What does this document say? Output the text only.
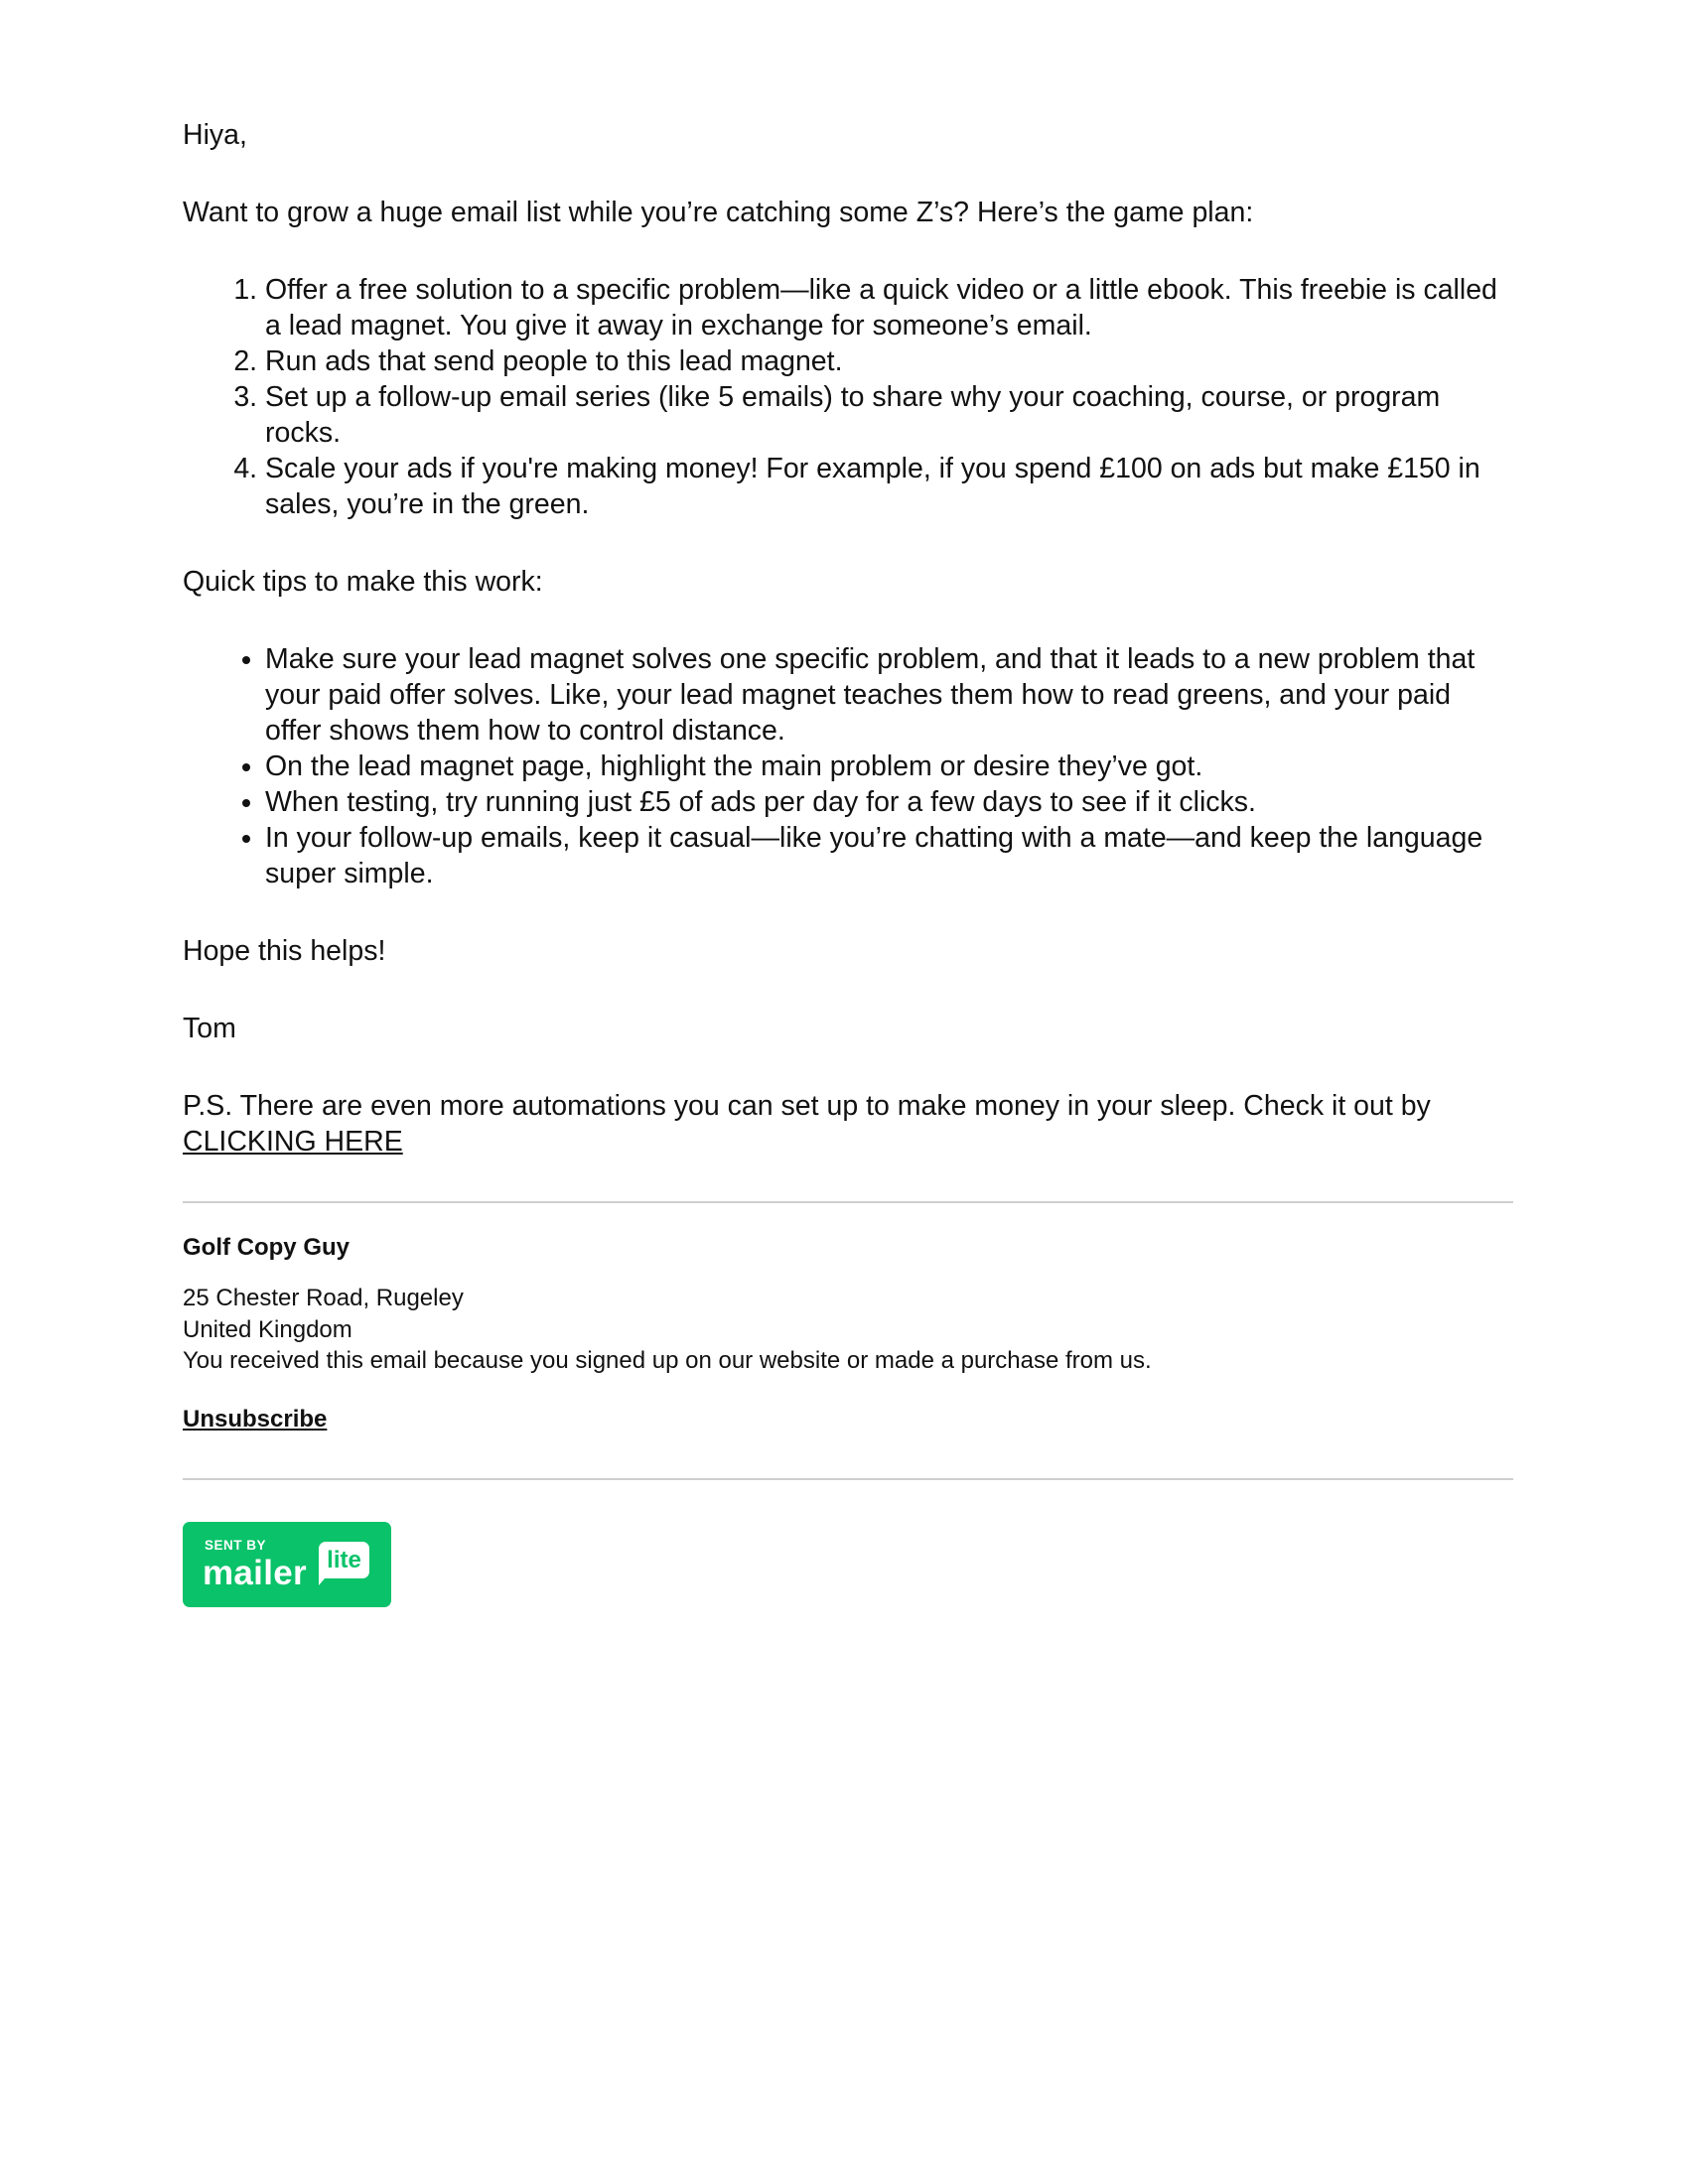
Hiya,

Want to grow a huge email list while you’re catching some Z’s? Here’s the game plan:

1. Offer a free solution to a specific problem—like a quick video or a little ebook. This freebie is called a lead magnet. You give it away in exchange for someone’s email.
2. Run ads that send people to this lead magnet.
3. Set up a follow-up email series (like 5 emails) to share why your coaching, course, or program rocks.
4. Scale your ads if you're making money! For example, if you spend £100 on ads but make £150 in sales, you’re in the green.

Quick tips to make this work:

• Make sure your lead magnet solves one specific problem, and that it leads to a new problem that your paid offer solves. Like, your lead magnet teaches them how to read greens, and your paid offer shows them how to control distance.
• On the lead magnet page, highlight the main problem or desire they’ve got.
• When testing, try running just £5 of ads per day for a few days to see if it clicks.
• In your follow-up emails, keep it casual—like you’re chatting with a mate—and keep the language super simple.

Hope this helps!

Tom

P.S. There are even more automations you can set up to make money in your sleep. Check it out by
CLICKING HERE

Golf Copy Guy

25 Chester Road, Rugeley

United Kingdom

You received this email because you signed up on our website or made a purchase from us.

Unsubscribe
SENT BY
mailer lite
